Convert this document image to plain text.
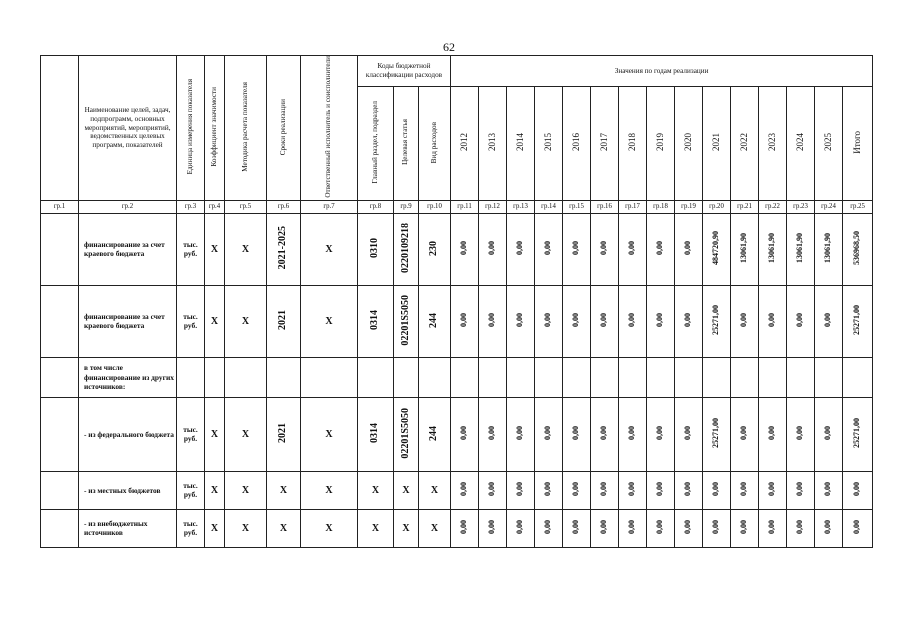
62
	Наименование целей, задач, подпрограмм, основных мероприятий, мероприятий, ведомственных целевых программ, показателей	Единица измерения показателя	Коэффициент значимости	Методика расчета показателя	Сроки реализации	Ответственный исполнитель и соисполнители	Коды бюджетной классификации расходов			Значения по годам реализации														
							Главный раздел, подраздел	Целевая статья	Вид расходов	2012	2013	2014	2015	2016	2017	2018	2019	2020	2021	2022	2023	2024	2025	Итого
гр.1	гр.2	гр.3	гр.4	гр.5	гр.6	гр.7	гр.8	гр.9	гр.10	гр.11	гр.12	гр.13	гр.14	гр.15	гр.16	гр.17	гр.18	гр.19	гр.20	гр.21	гр.22	гр.23	гр.24	гр.25
	финансирование за счет краевого бюджета	тыс. руб.	Х	Х	2021-2025	Х	0310	0220109218	230	0,00	0,00	0,00	0,00	0,00	0,00	0,00	0,00	0,00	484720,90	13061,90	13061,90	13061,90	13061,90	536968,50
	финансирование за счет краевого бюджета	тыс. руб.	Х	Х	2021	Х	0314	02201S5050	244	0,00	0,00	0,00	0,00	0,00	0,00	0,00	0,00	0,00	25271,00	0,00	0,00	0,00	0,00	25271,00
	в том числе финансирование из других источников:																							
	- из федерального бюджета	тыс. руб.	Х	Х	2021	Х	0314	02201S5050	244	0,00	0,00	0,00	0,00	0,00	0,00	0,00	0,00	0,00	25271,00	0,00	0,00	0,00	0,00	25271,00
	- из местных бюджетов	тыс. руб.	Х	Х	Х	Х	Х	Х	Х	0,00	0,00	0,00	0,00	0,00	0,00	0,00	0,00	0,00	0,00	0,00	0,00	0,00	0,00	0,00
	- из внебюджетных источников	тыс. руб.	Х	Х	Х	Х	Х	Х	Х	0,00	0,00	0,00	0,00	0,00	0,00	0,00	0,00	0,00	0,00	0,00	0,00	0,00	0,00	0,00
